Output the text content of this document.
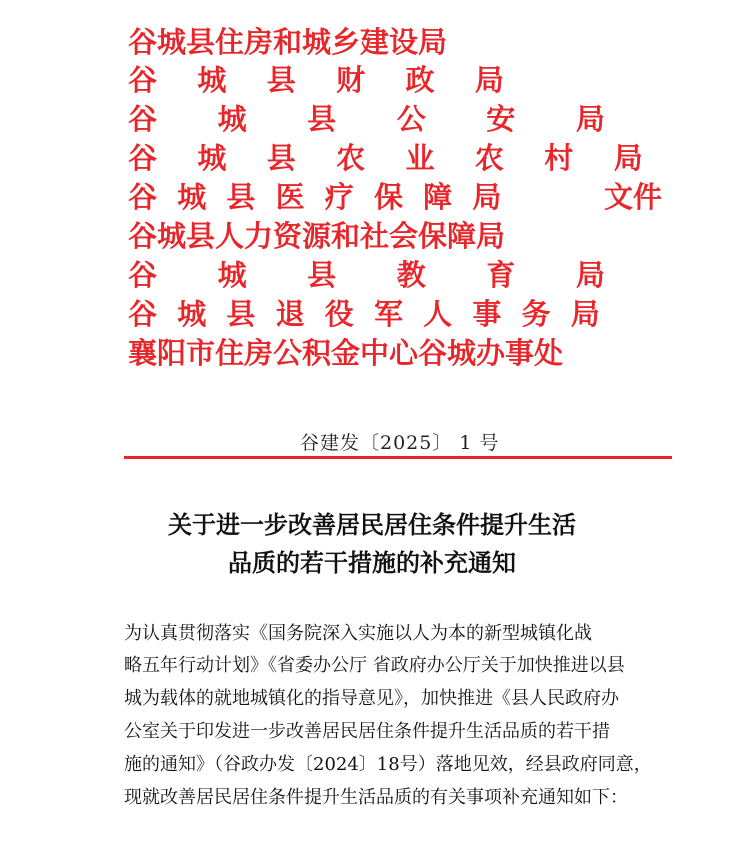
谷城县住房和城乡建设局
谷    城    县    财    政    局
谷      城      县      公      安      局
谷    城    县    农    业    农    村    局
谷  城  县  医  疗  保  障  局	文件
谷城县人力资源和社会保障局
谷      城      县      教      育      局
谷  城  县  退  役  军  人  事  务  局
襄阳市住房公积金中心谷城办事处
谷建发〔2025〕 1 号
关于进一步改善居民居住条件提升生活
品质的若干措施的补充通知
为认真贯彻落实《国务院深入实施以人为本的新型城镇化战
略五年行动计划》《省委办公厅 省政府办公厅关于加快推进以县
城为载体的就地城镇化的指导意见》，加快推进《县人民政府办
公室关于印发进一步改善居民居住条件提升生活品质的若干措
施的通知》（谷政办发〔2024〕18号）落地见效，经县政府同意，
现就改善居民居住条件提升生活品质的有关事项补充通知如下：
